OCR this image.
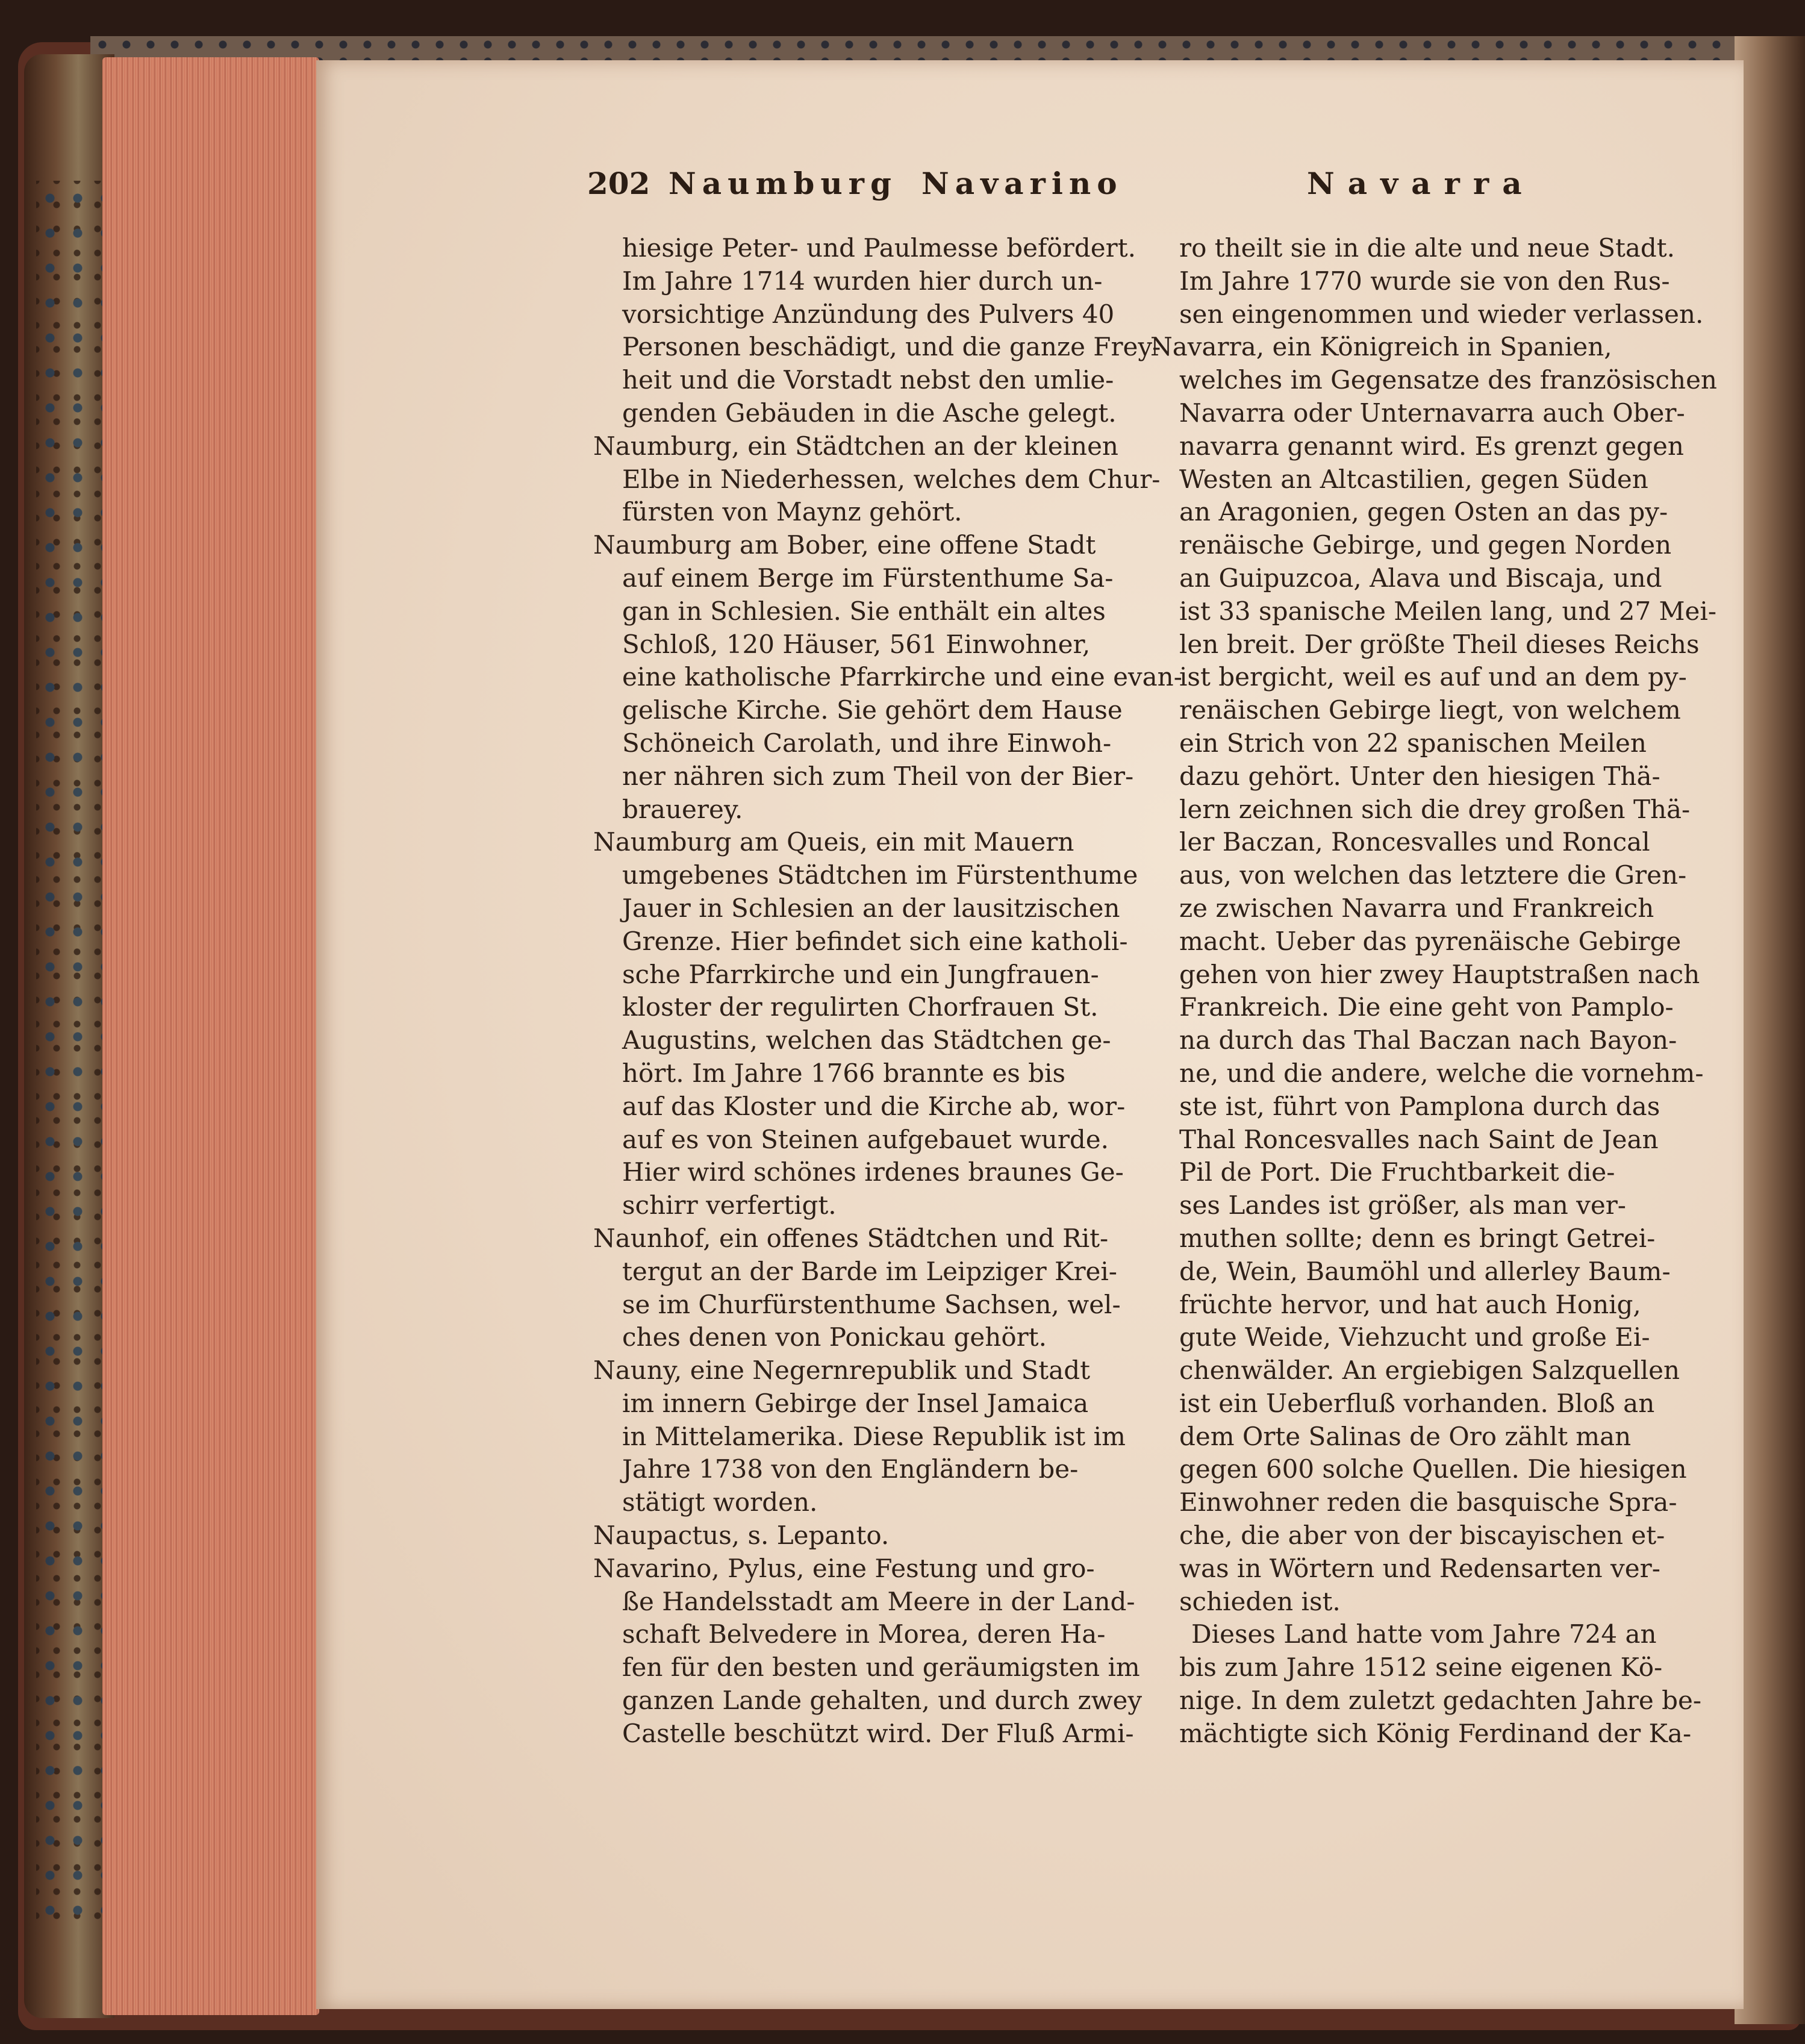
202 Naumburg Navarino	Navarra
hiesige Peter- und Paulmesse befördert.
Im Jahre 1714 wurden hier durch un-
vorsichtige Anzündung des Pulvers 40
Personen beschädigt, und die ganze Frey-
heit und die Vorstadt nebst den umlie-
genden Gebäuden in die Asche gelegt.
Naumburg, ein Städtchen an der kleinen
Elbe in Niederhessen, welches dem Chur-
fürsten von Maynz gehört.
Naumburg am Bober, eine offene Stadt
auf einem Berge im Fürstenthume Sa-
gan in Schlesien. Sie enthält ein altes
Schloß, 120 Häuser, 561 Einwohner,
eine katholische Pfarrkirche und eine evan-
gelische Kirche. Sie gehört dem Hause
Schöneich Carolath, und ihre Einwoh-
ner nähren sich zum Theil von der Bier-
brauerey.
Naumburg am Queis, ein mit Mauern
umgebenes Städtchen im Fürstenthume
Jauer in Schlesien an der lausitzischen
Grenze. Hier befindet sich eine katholi-
sche Pfarrkirche und ein Jungfrauen-
kloster der regulirten Chorfrauen St.
Augustins, welchen das Städtchen ge-
hört. Im Jahre 1766 brannte es bis
auf das Kloster und die Kirche ab, wor-
auf es von Steinen aufgebauet wurde.
Hier wird schönes irdenes braunes Ge-
schirr verfertigt.
Naunhof, ein offenes Städtchen und Rit-
tergut an der Barde im Leipziger Krei-
se im Churfürstenthume Sachsen, wel-
ches denen von Ponickau gehört.
Nauny, eine Negernrepublik und Stadt
im innern Gebirge der Insel Jamaica
in Mittelamerika. Diese Republik ist im
Jahre 1738 von den Engländern be-
stätigt worden.
Naupactus, s. Lepanto.
Navarino, Pylus, eine Festung und gro-
ße Handelsstadt am Meere in der Land-
schaft Belvedere in Morea, deren Ha-
fen für den besten und geräumigsten im
ganzen Lande gehalten, und durch zwey
Castelle beschützt wird. Der Fluß Armi-
ro theilt sie in die alte und neue Stadt.
Im Jahre 1770 wurde sie von den Rus-
sen eingenommen und wieder verlassen.
Navarra, ein Königreich in Spanien,
welches im Gegensatze des französischen
Navarra oder Unternavarra auch Ober-
navarra genannt wird. Es grenzt gegen
Westen an Altcastilien, gegen Süden
an Aragonien, gegen Osten an das py-
renäische Gebirge, und gegen Norden
an Guipuzcoa, Alava und Biscaja, und
ist 33 spanische Meilen lang, und 27 Mei-
len breit. Der größte Theil dieses Reichs
ist bergicht, weil es auf und an dem py-
renäischen Gebirge liegt, von welchem
ein Strich von 22 spanischen Meilen
dazu gehört. Unter den hiesigen Thä-
lern zeichnen sich die drey großen Thä-
ler Baczan, Roncesvalles und Roncal
aus, von welchen das letztere die Gren-
ze zwischen Navarra und Frankreich
macht. Ueber das pyrenäische Gebirge
gehen von hier zwey Hauptstraßen nach
Frankreich. Die eine geht von Pamplo-
na durch das Thal Baczan nach Bayon-
ne, und die andere, welche die vornehm-
ste ist, führt von Pamplona durch das
Thal Roncesvalles nach Saint de Jean
Pil de Port. Die Fruchtbarkeit die-
ses Landes ist größer, als man ver-
muthen sollte; denn es bringt Getrei-
de, Wein, Baumöhl und allerley Baum-
früchte hervor, und hat auch Honig,
gute Weide, Viehzucht und große Ei-
chenwälder. An ergiebigen Salzquellen
ist ein Ueberfluß vorhanden. Bloß an
dem Orte Salinas de Oro zählt man
gegen 600 solche Quellen. Die hiesigen
Einwohner reden die basquische Spra-
che, die aber von der biscayischen et-
was in Wörtern und Redensarten ver-
schieden ist.
Dieses Land hatte vom Jahre 724 an
bis zum Jahre 1512 seine eigenen Kö-
nige. In dem zuletzt gedachten Jahre be-
mächtigte sich König Ferdinand der Ka-
